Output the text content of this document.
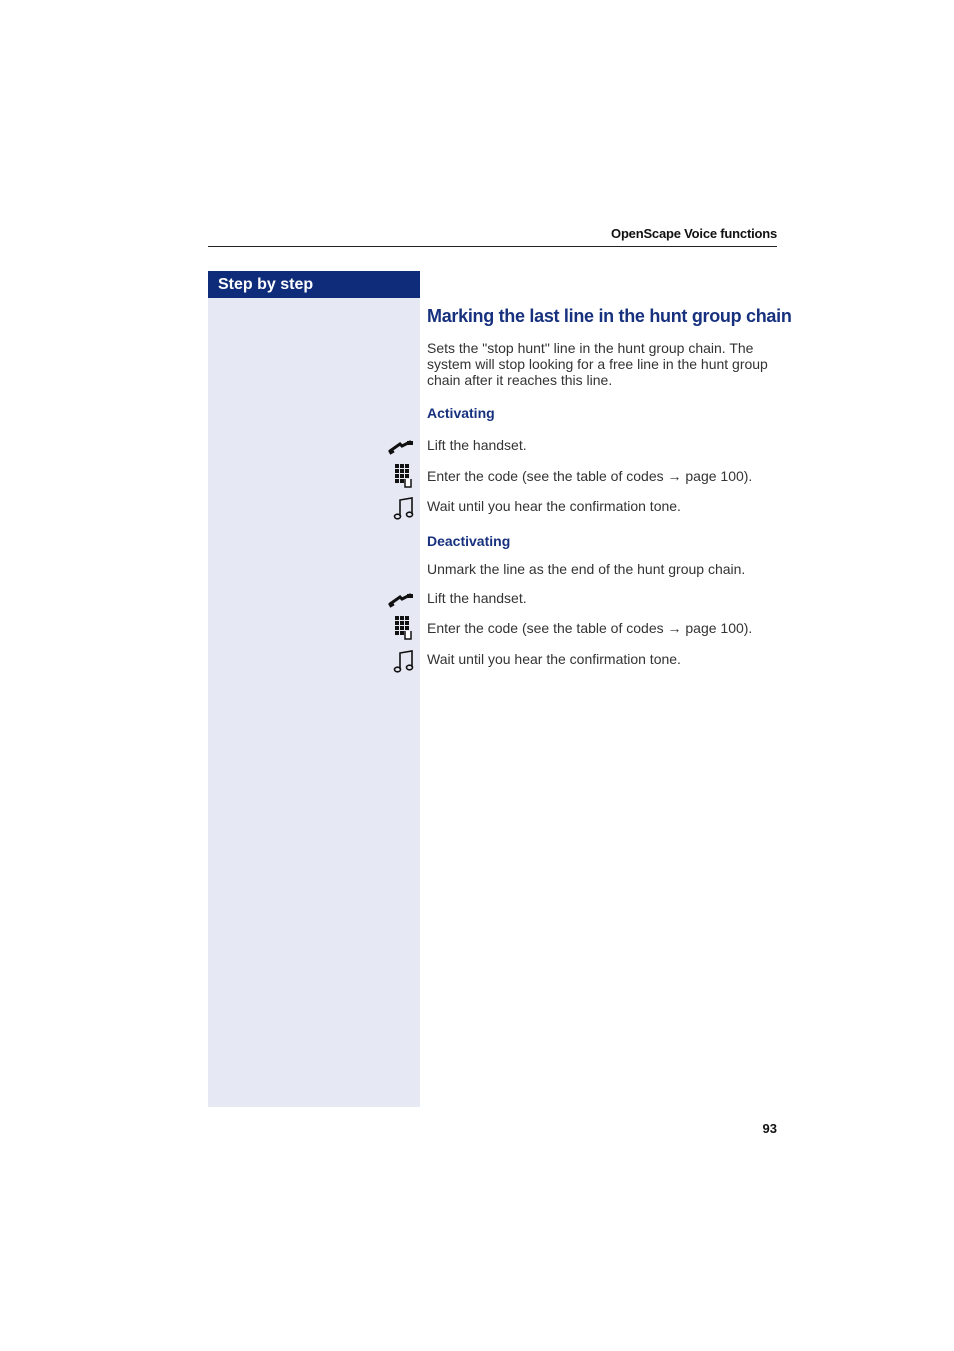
OpenScape Voice functions
Step by step
Marking the last line in the hunt group chain
Sets the "stop hunt" line in the hunt group chain. The system will stop looking for a free line in the hunt group chain after it reaches this line.
Activating
Lift the handset.
Enter the code (see the table of codes → page 100).
Wait until you hear the confirmation tone.
Deactivating
Unmark the line as the end of the hunt group chain.
Lift the handset.
Enter the code (see the table of codes → page 100).
Wait until you hear the confirmation tone.
93
